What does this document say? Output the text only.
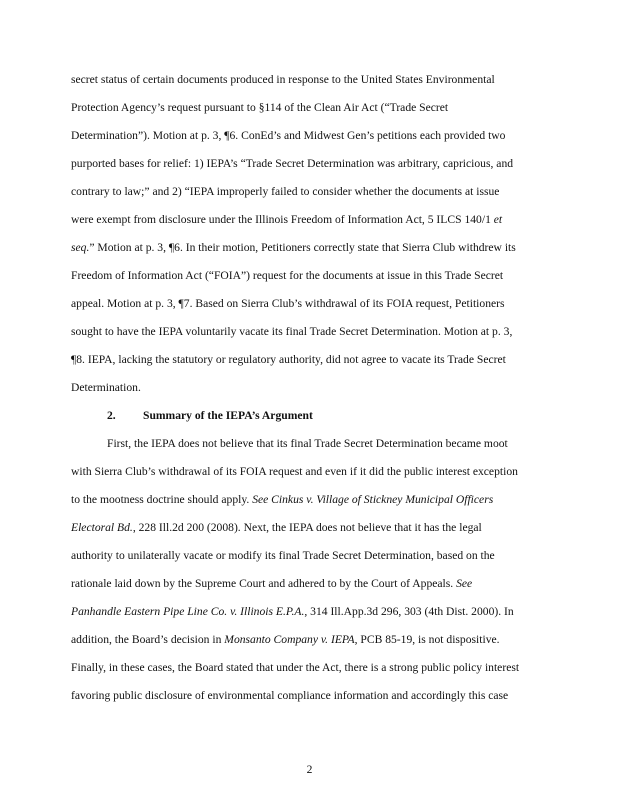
secret status of certain documents produced in response to the United States Environmental
Protection Agency’s request pursuant to §114 of the Clean Air Act (“Trade Secret
Determination”). Motion at p. 3, ¶6. ConEd’s and Midwest Gen’s petitions each provided two
purported bases for relief: 1) IEPA’s “Trade Secret Determination was arbitrary, capricious, and
contrary to law;” and 2) “IEPA improperly failed to consider whether the documents at issue
were exempt from disclosure under the Illinois Freedom of Information Act, 5 ILCS 140/1 et
seq.” Motion at p. 3, ¶6. In their motion, Petitioners correctly state that Sierra Club withdrew its
Freedom of Information Act (“FOIA”) request for the documents at issue in this Trade Secret
appeal. Motion at p. 3, ¶7. Based on Sierra Club’s withdrawal of its FOIA request, Petitioners
sought to have the IEPA voluntarily vacate its final Trade Secret Determination. Motion at p. 3,
¶8. IEPA, lacking the statutory or regulatory authority, did not agree to vacate its Trade Secret
Determination.
2. Summary of the IEPA’s Argument
First, the IEPA does not believe that its final Trade Secret Determination became moot
with Sierra Club’s withdrawal of its FOIA request and even if it did the public interest exception
to the mootness doctrine should apply. See Cinkus v. Village of Stickney Municipal Officers
Electoral Bd., 228 Ill.2d 200 (2008). Next, the IEPA does not believe that it has the legal
authority to unilaterally vacate or modify its final Trade Secret Determination, based on the
rationale laid down by the Supreme Court and adhered to by the Court of Appeals. See
Panhandle Eastern Pipe Line Co. v. Illinois E.P.A., 314 Ill.App.3d 296, 303 (4th Dist. 2000). In
addition, the Board’s decision in Monsanto Company v. IEPA, PCB 85-19, is not dispositive.
Finally, in these cases, the Board stated that under the Act, there is a strong public policy interest
favoring public disclosure of environmental compliance information and accordingly this case
2
